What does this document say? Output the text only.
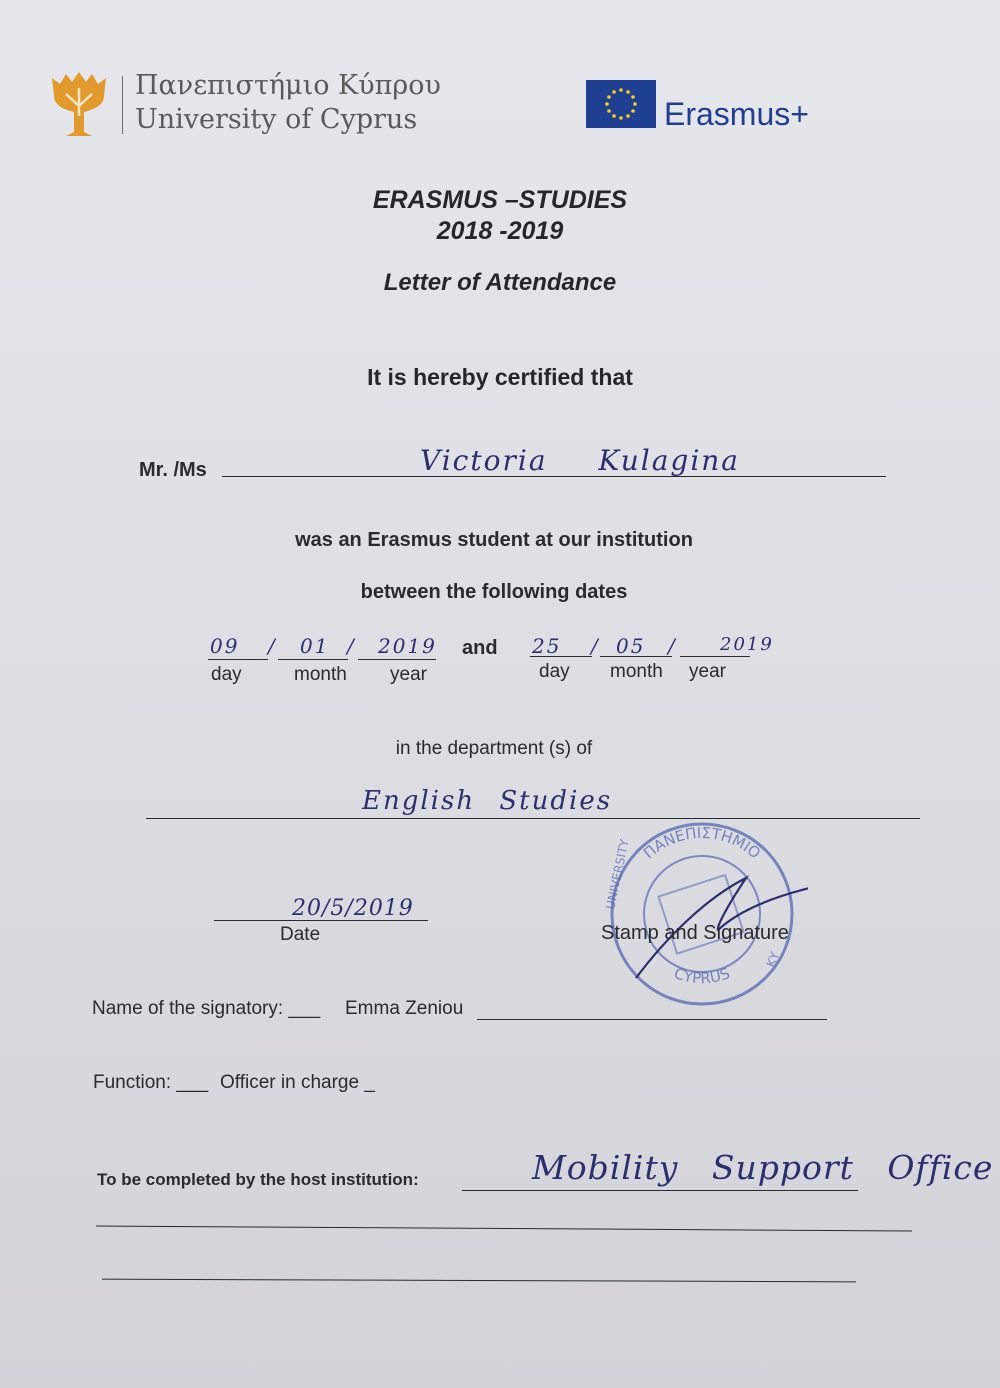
Πανεπιστήμιο Κύπρου
University of Cyprus	Erasmus+
ERASMUS –STUDIES
2018 -2019
Letter of Attendance
It is hereby certified that
Mr. /Ms	Victoria Kulagina
was an Erasmus student at our institution
between the following dates
09 / 01 / 2019
day	month year
and 25 / 05 / 2019
day month year
in the department (s) of
English Studies
ΠΑΝΕΠΙΣΤΗΜΙΟ
CYPRUS
UNIVERSITY
ΚΥ
Stamp and Signature
20/5/2019
Date
Name of the signatory: ___ Emma Zeniou
Function: ___ Officer in charge _
To be completed by the host institution:	Mobility Support Office
